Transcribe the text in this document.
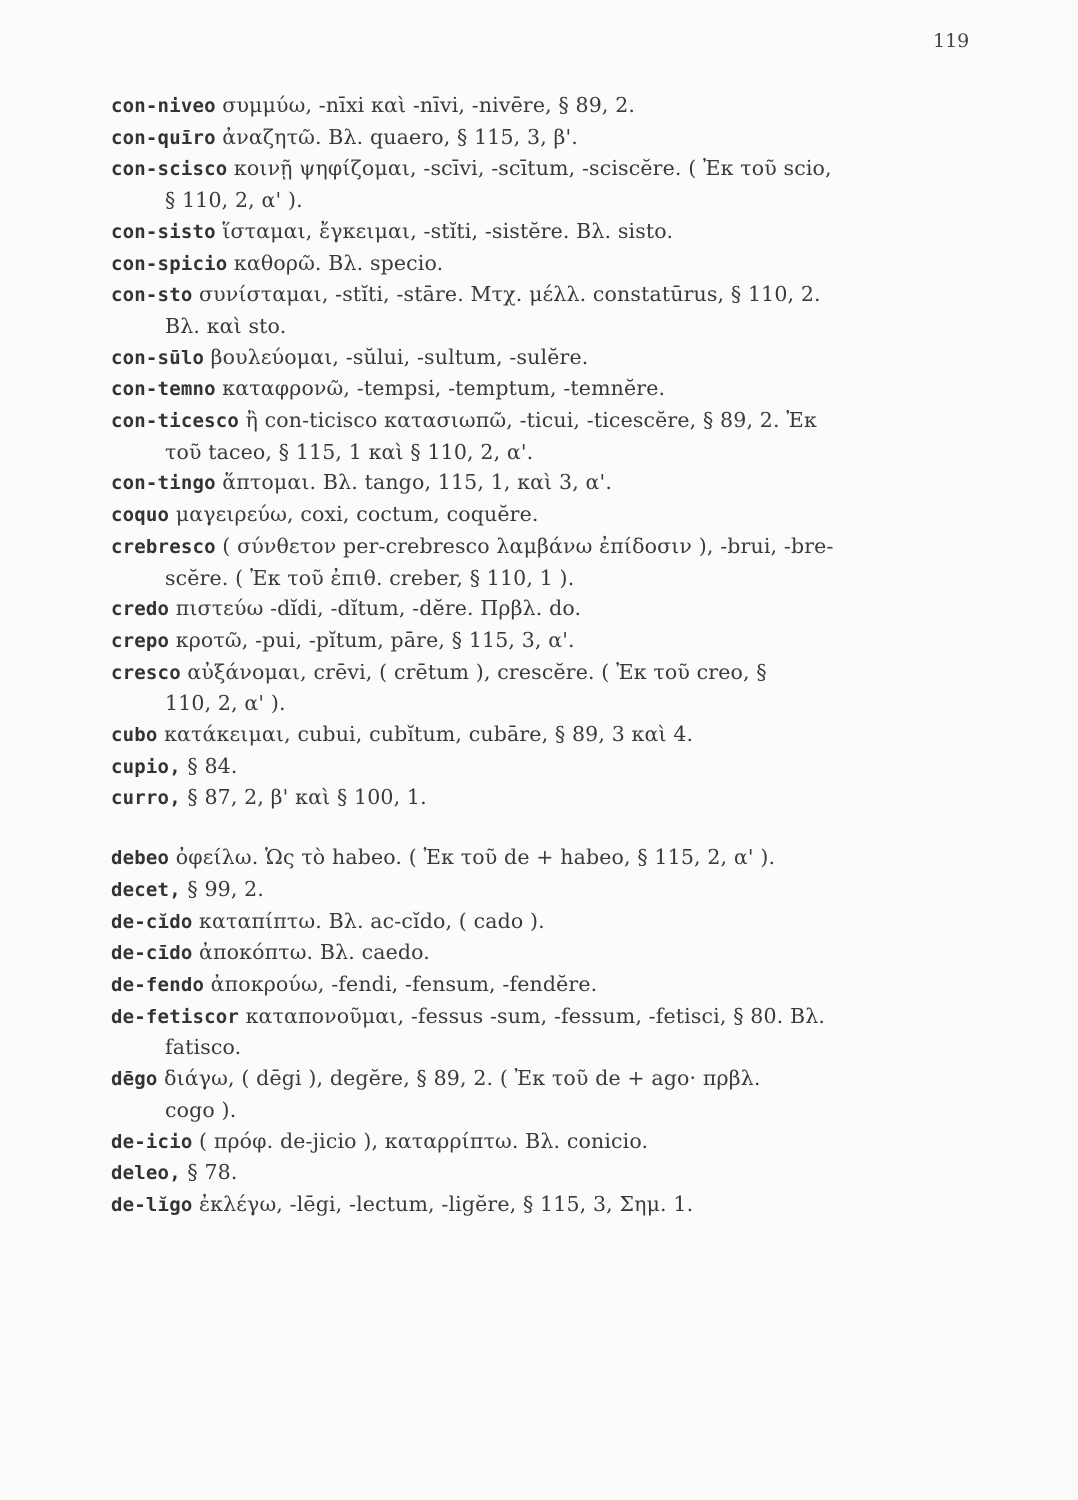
119
con-niveo συμμύω, -nīxi καὶ -nīvi, -nivēre, § 89, 2.
con-quīro ἀναζητῶ. Βλ. quaero, § 115, 3, β'.
con-scisco κοινῇ ψηφίζομαι, -scīvi, -scītum, -sciscĕre. ( Ἐκ τοῦ scio,
§ 110, 2, α' ).
con-sisto ἵσταμαι, ἔγκειμαι, -stĭti, -sistĕre. Βλ. sisto.
con-spicio καθορῶ. Βλ. specio.
con-sto συνίσταμαι, -stĭti, -stāre. Μτχ. μέλλ. constatūrus, § 110, 2.
Βλ. καὶ sto.
con-sūlo βουλεύομαι, -sŭlui, -sultum, -sulĕre.
con-temno καταφρονῶ, -tempsi, -temptum, -temnĕre.
con-ticesco ἢ con-ticisco κατασιωπῶ, -ticui, -ticescĕre, § 89, 2. Ἐκ
τοῦ taceo, § 115, 1 καὶ § 110, 2, α'.
con-tingo ἅπτομαι. Βλ. tango, 115, 1, καὶ 3, α'.
coquo μαγειρεύω, coxi, coctum, coquĕre.
crebresco ( σύνθετον per-crebresco λαμβάνω ἐπίδοσιν ), -brui, -bre-
scĕre. ( Ἐκ τοῦ ἐπιθ. creber, § 110, 1 ).
credo πιστεύω -dĭdi, -dĭtum, -dĕre. Πρβλ. do.
crepo κροτῶ, -pui, -pĭtum, pāre, § 115, 3, α'.
cresco αὐξάνομαι, crēvi, ( crētum ), crescĕre. ( Ἐκ τοῦ creo, §
110, 2, α' ).
cubo κατάκειμαι, cubui, cubĭtum, cubāre, § 89, 3 καὶ 4.
cupio, § 84.
curro, § 87, 2, β' καὶ § 100, 1.
debeo ὀφείλω. Ὡς τὸ habeo. ( Ἐκ τοῦ de + habeo, § 115, 2, α' ).
decet, § 99, 2.
de-cĭdo καταπίπτω. Βλ. ac-cĭdo, ( cado ).
de-cīdo ἀποκόπτω. Βλ. caedo.
de-fendo ἀποκρούω, -fendi, -fensum, -fendĕre.
de-fetiscor καταπονοῦμαι, -fessus -sum, -fessum, -fetisci, § 80. Βλ.
fatisco.
dēgo διάγω, ( dēgi ), degĕre, § 89, 2. ( Ἐκ τοῦ de + ago· πρβλ.
cogo ).
de-icio ( πρόφ. de-jicio ), καταρρίπτω. Βλ. conicio.
deleo, § 78.
de-lĭgo ἐκλέγω, -lēgi, -lectum, -ligĕre, § 115, 3, Σημ. 1.
